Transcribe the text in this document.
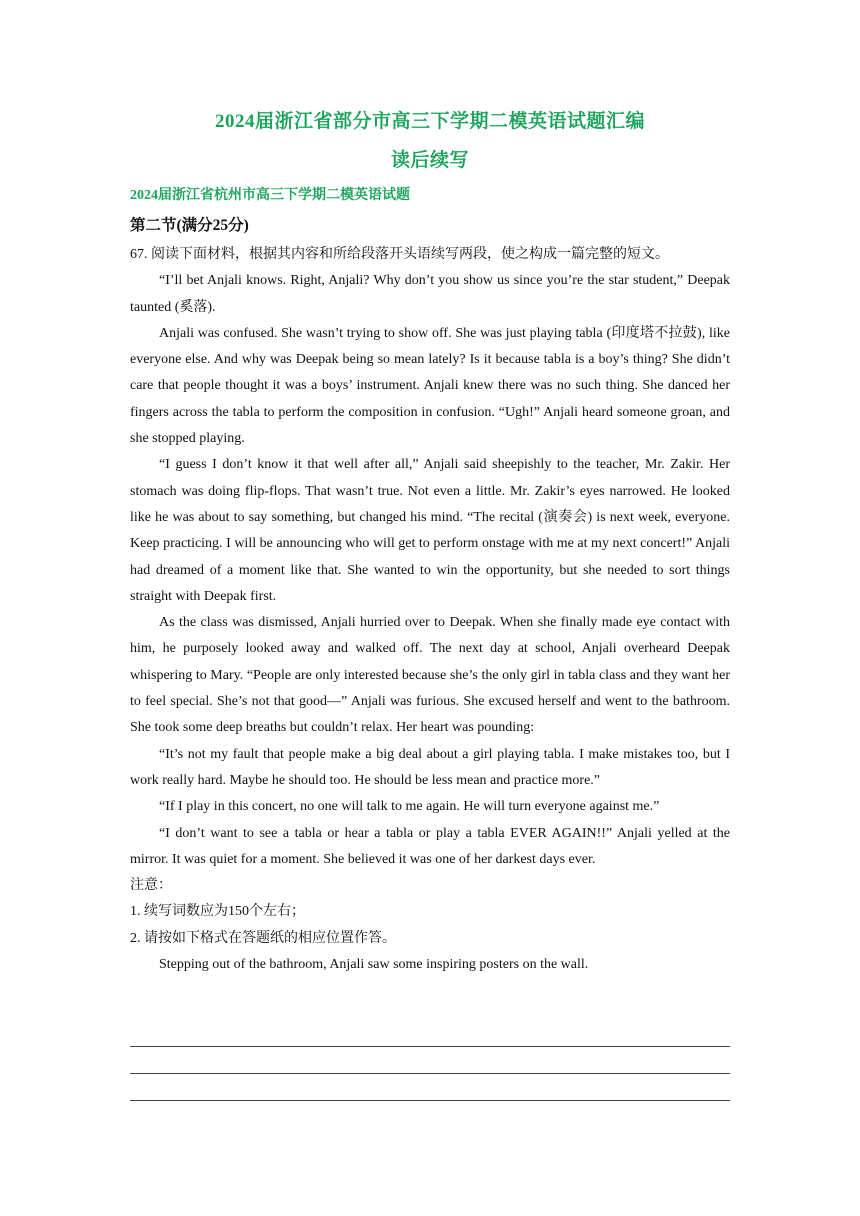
2024届浙江省部分市高三下学期二模英语试题汇编
读后续写
2024届浙江省杭州市高三下学期二模英语试题
第二节(满分25分)

67. 阅读下面材料，根据其内容和所给段落开头语续写两段，使之构成一篇完整的短文。

“I’ll bet Anjali knows. Right, Anjali? Why don’t you show us since you’re the star student,” Deepak taunted (奚落).

Anjali was confused. She wasn’t trying to show off. She was just playing tabla (印度塔不拉鼓), like everyone else. And why was Deepak being so mean lately? Is it because tabla is a boy’s thing? She didn’t care that people thought it was a boys’ instrument. Anjali knew there was no such thing. She danced her fingers across the tabla to perform the composition in confusion. “Ugh!” Anjali heard someone groan, and she stopped playing.

“I guess I don’t know it that well after all,” Anjali said sheepishly to the teacher, Mr. Zakir. Her stomach was doing flip-flops. That wasn’t true. Not even a little. Mr. Zakir’s eyes narrowed. He looked like he was about to say something, but changed his mind. “The recital (演奏会) is next week, everyone. Keep practicing. I will be announcing who will get to perform onstage with me at my next concert!” Anjali had dreamed of a moment like that. She wanted to win the opportunity, but she needed to sort things straight with Deepak first.

As the class was dismissed, Anjali hurried over to Deepak. When she finally made eye contact with him, he purposely looked away and walked off. The next day at school, Anjali overheard Deepak whispering to Mary. “People are only interested because she’s the only girl in tabla class and they want her to feel special. She’s not that good—” Anjali was furious. She excused herself and went to the bathroom. She took some deep breaths but couldn’t relax. Her heart was pounding:

“It’s not my fault that people make a big deal about a girl playing tabla. I make mistakes too, but I work really hard. Maybe he should too. He should be less mean and practice more.”

“If I play in this concert, no one will talk to me again. He will turn everyone against me.”

“I don’t want to see a tabla or hear a tabla or play a tabla EVER AGAIN!!” Anjali yelled at the mirror. It was quiet for a moment. She believed it was one of her darkest days ever.

注意：

1. 续写词数应为150个左右；

2. 请按如下格式在答题纸的相应位置作答。

Stepping out of the bathroom, Anjali saw some inspiring posters on the wall.
